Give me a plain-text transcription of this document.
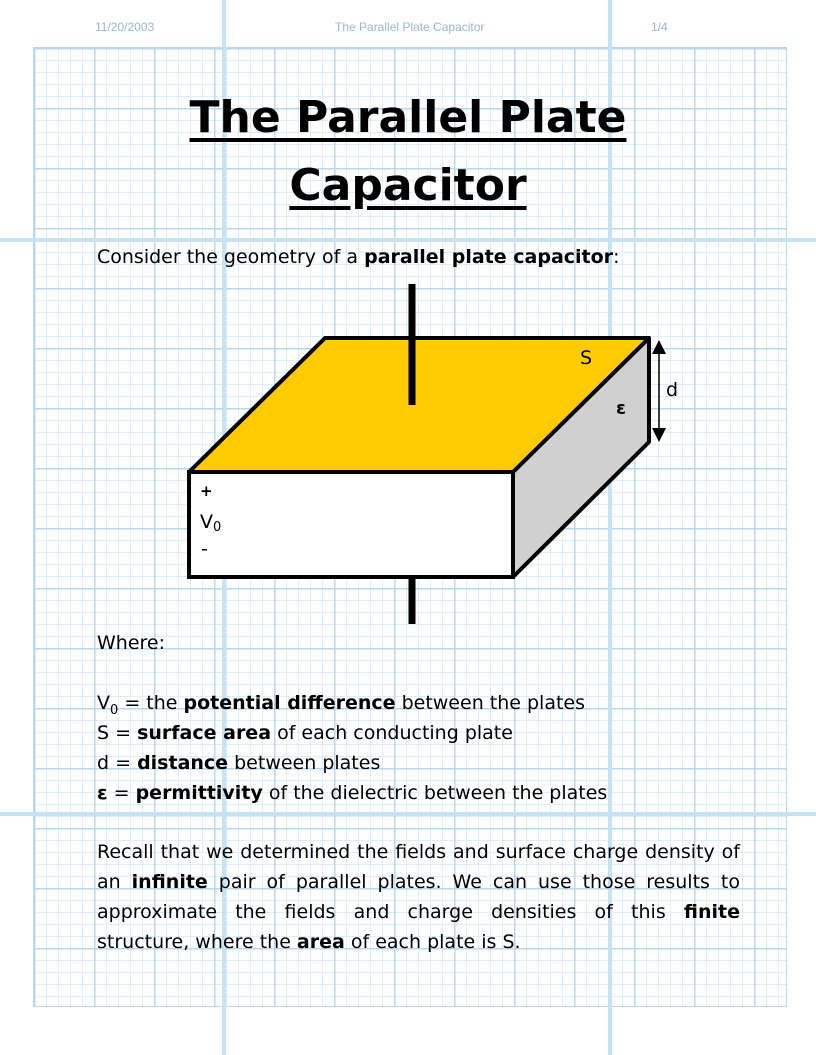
11/20/2003	The Parallel Plate Capacitor	1/4
The Parallel Plate
Capacitor
Consider the geometry of a parallel plate capacitor:
S
d
ε
+
V0
-
Where:
$V_0$ = the potential difference between the plates
S = surface area of each conducting plate
d = distance between plates
ε = permittivity of the dielectric between the plates
Recall that we determined the fields and surface charge density of an infinite pair of parallel plates. We can use those results to approximate the fields and charge densities of this finite structure, where the area of each plate is S.
